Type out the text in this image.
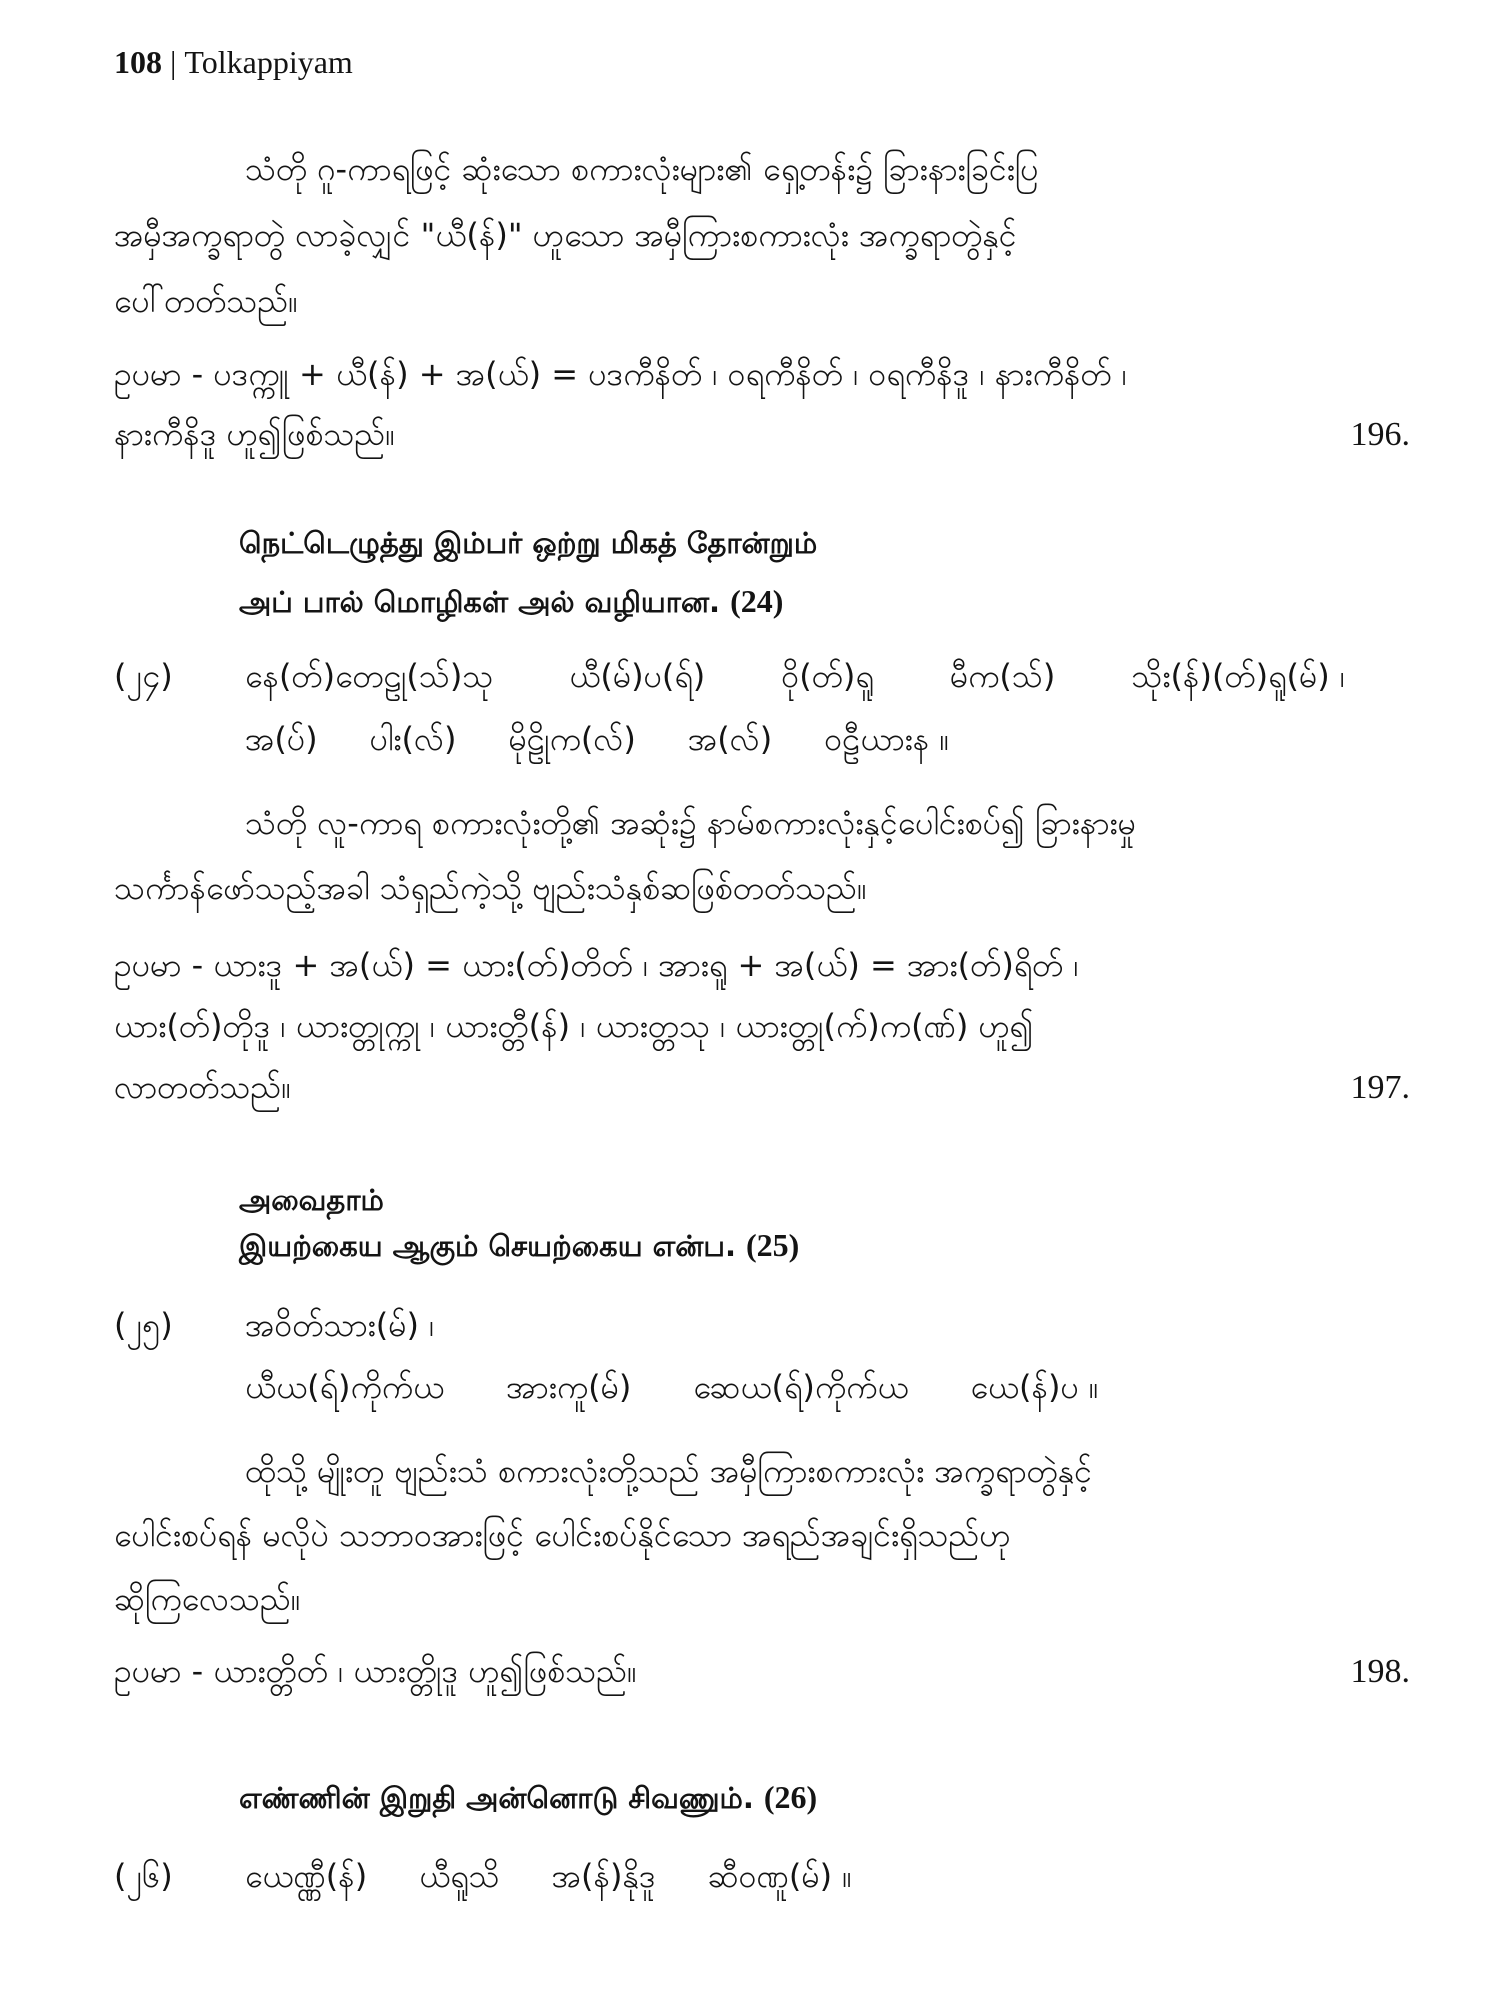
108 | Tolkappiyam
သံတို ဂူ-ကာရဖြင့် ဆုံးသော စကားလုံးများ၏ ရှေ့တန်း၌ ခြားနားခြင်းပြ
အမှီအက္ခရာတွဲ လာခဲ့လျှင် "ယီ(န်)" ဟူသော အမှီကြားစကားလုံး အက္ခရာတွဲနှင့်
ပေါ်တတ်သည်။
ဥပမာ - ပဒက္ကူ + ယီ(န်) + အ(ယ်) = ပဒကီနိတ် ၊ ဝရကီနိတ် ၊ ဝရကီနိဒူ ၊ နားကီနိတ် ၊
နားကီနိဒူ ဟူ၍ဖြစ်သည်။	196.
நெட்டெழுத்து இம்பர் ஒற்று மிகத் தோன்றும்
அப் பால் மொழிகள் அல் வழியான. (24)
(၂၄)	နေ(တ်)တေဠု(သ်)သု ယီ(မ်)ပ(ရ်) ဝို(တ်)ရူ မီက(သ်) သိုး(န်)(တ်)ရူ(မ်) ၊
အ(ပ်) ပါး(လ်) မိုဠိုက(လ်) အ(လ်) ဝဠီယားန ။
သံတို လူ-ကာရ စကားလုံးတို့၏ အဆုံး၌ နာမ်စကားလုံးနှင့်ပေါင်းစပ်၍ ခြားနားမှု
သင်္ကာန်ဖော်သည့်အခါ သံရှည်ကဲ့သို့ ဗျည်းသံနှစ်ဆဖြစ်တတ်သည်။
ဥပမာ - ယားဒူ + အ(ယ်) = ယား(တ်)တိတ် ၊ အားရူ + အ(ယ်) = အား(တ်)ရိတ် ၊
ယား(တ်)တိုဒူ ၊ ယားတ္တုက္ကု ၊ ယားတ္တီ(န်) ၊ ယားတ္တသု ၊ ယားတ္တု(က်)က(ဏ်) ဟူ၍
လာတတ်သည်။	197.
அவைதாம்
இயற்கைய ஆகும் செயற்கைய என்ப. (25)
(၂၅)	အဝိတ်သား(မ်) ၊
ယီယ(ရ်)ကိုက်ယ အားကူ(မ်) ဆေယ(ရ်)ကိုက်ယ ယေ(န်)ပ ။
ထိုသို့ မျိုးတူ ဗျည်းသံ စကားလုံးတို့သည် အမှီကြားစကားလုံး အက္ခရာတွဲနှင့်
ပေါင်းစပ်ရန် မလိုပဲ သဘာဝအားဖြင့် ပေါင်းစပ်နိုင်သော အရည်အချင်းရှိသည်ဟု
ဆိုကြလေသည်။
ဥပမာ - ယားတ္တိတ် ၊ ယားတ္တိုဒူ ဟူ၍ဖြစ်သည်။	198.
எண்ணின் இறுதி அன்னொடு சிவணும். (26)
(၂၆)	ယေဏ္ဏီ(န်) ယီရူသိ အ(န်)နိုဒူ ဆီဝဏူ(မ်) ။
